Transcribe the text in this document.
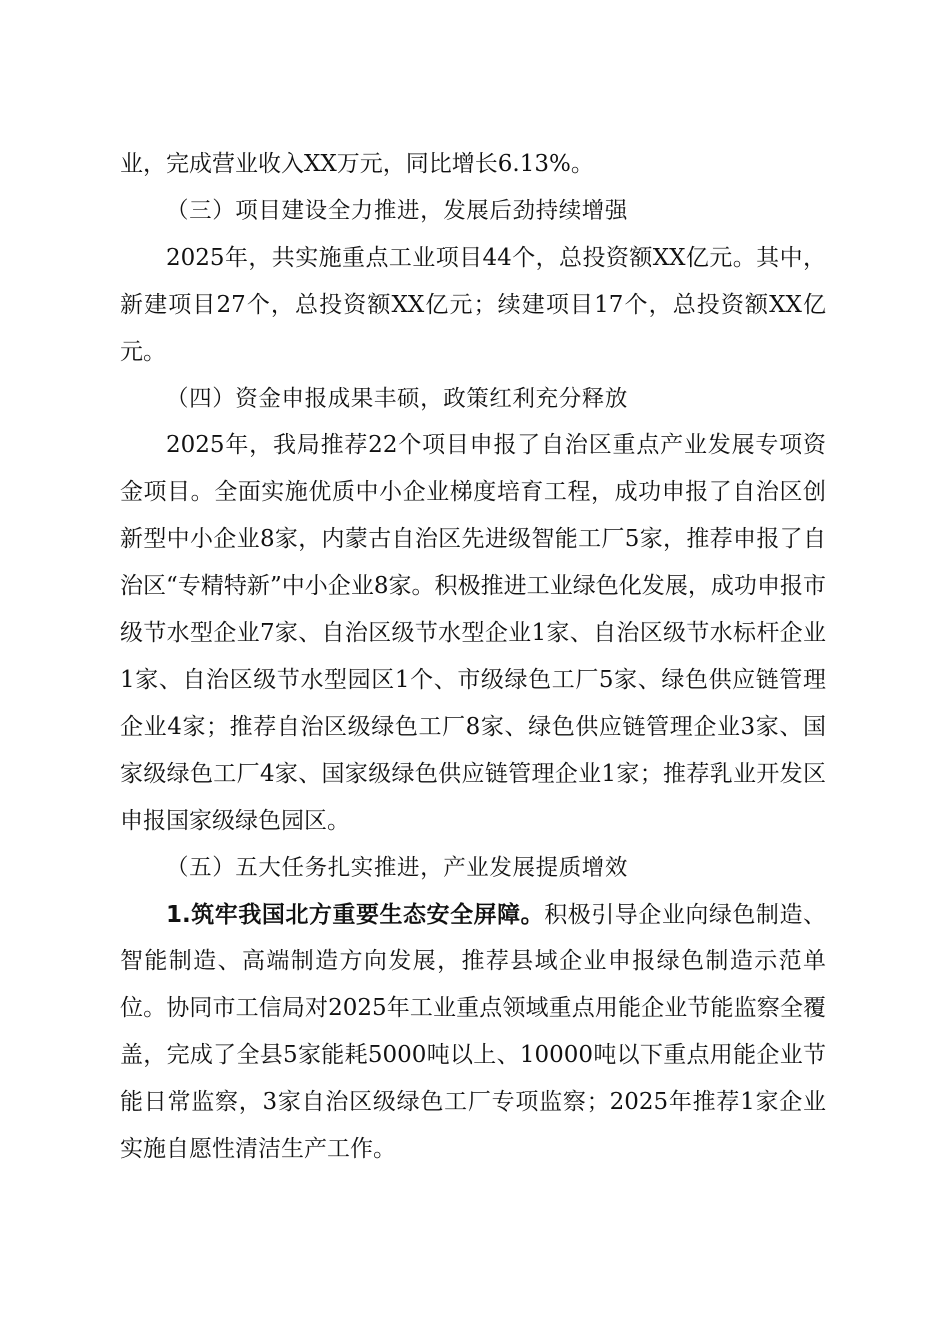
业，完成营业收入XX万元，同比增长6.13%。

（三）项目建设全力推进，发展后劲持续增强

2025年，共实施重点工业项目44个，总投资额XX亿元。其中，新建项目27个，总投资额XX亿元；续建项目17个，总投资额XX亿元。

（四）资金申报成果丰硕，政策红利充分释放

2025年，我局推荐22个项目申报了自治区重点产业发展专项资金项目。全面实施优质中小企业梯度培育工程，成功申报了自治区创新型中小企业8家，内蒙古自治区先进级智能工厂5家，推荐申报了自治区“专精特新”中小企业8家。积极推进工业绿色化发展，成功申报市级节水型企业7家、自治区级节水型企业1家、自治区级节水标杆企业1家、自治区级节水型园区1个、市级绿色工厂5家、绿色供应链管理企业4家；推荐自治区级绿色工厂8家、绿色供应链管理企业3家、国家级绿色工厂4家、国家级绿色供应链管理企业1家；推荐乳业开发区申报国家级绿色园区。

（五）五大任务扎实推进，产业发展提质增效

1.筑牢我国北方重要生态安全屏障。积极引导企业向绿色制造、智能制造、高端制造方向发展，推荐县域企业申报绿色制造示范单位。协同市工信局对2025年工业重点领域重点用能企业节能监察全覆盖，完成了全县5家能耗5000吨以上、10000吨以下重点用能企业节能日常监察，3家自治区级绿色工厂专项监察；2025年推荐1家企业实施自愿性清洁生产工作。
